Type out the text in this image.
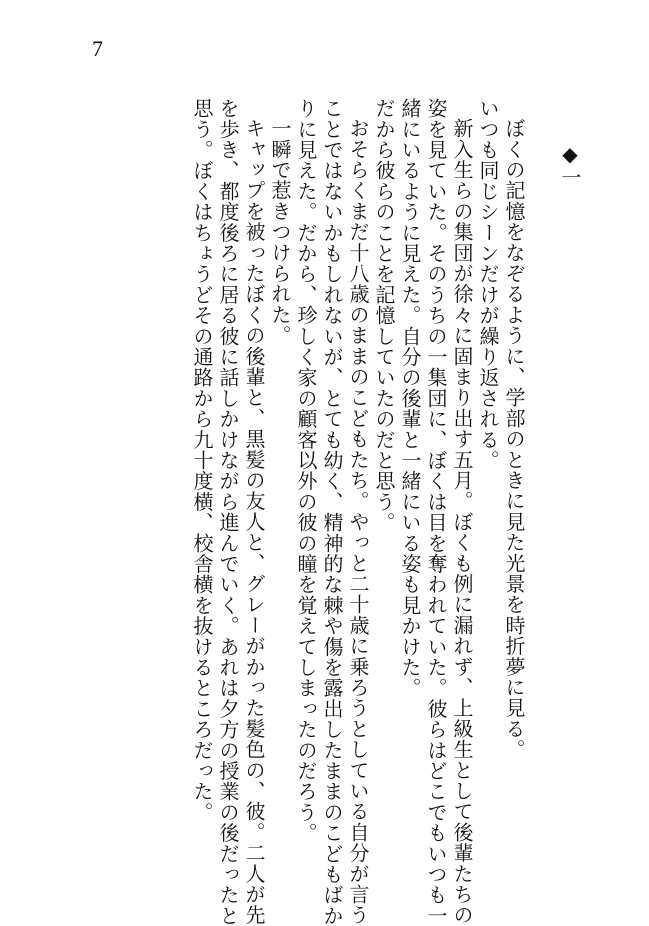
7
◆一
ぼくの記憶をなぞるように、学部のときに見た光景を時折夢に見る。
いつも同じシーンだけが繰り返される。
新入生らの集団が徐々に固まり出す五月。ぼくも例に漏れず、上級生として後輩たちの
姿を見ていた。そのうちの一集団に、ぼくは目を奪われていた。彼らはどこでもいつも一
緒にいるように見えた。自分の後輩と一緒にいる姿も見かけた。
だから彼らのことを記憶していたのだと思う。
おそらくまだ十八歳のままのこどもたち。やっと二十歳に乗ろうとしている自分が言う
ことではないかもしれないが、とても幼く、精神的な棘や傷を露出したままのこどもばか
りに見えた。だから、珍しく家の顧客以外の彼の瞳を覚えてしまったのだろう。
一瞬で惹きつけられた。
キャップを被ったぼくの後輩と、黒髪の友人と、グレーがかった髪色の、彼。二人が先
を歩き、都度後ろに居る彼に話しかけながら進んでいく。あれは夕方の授業の後だったと
思う。ぼくはちょうどその通路から九十度横、校舎横を抜けるところだった。
